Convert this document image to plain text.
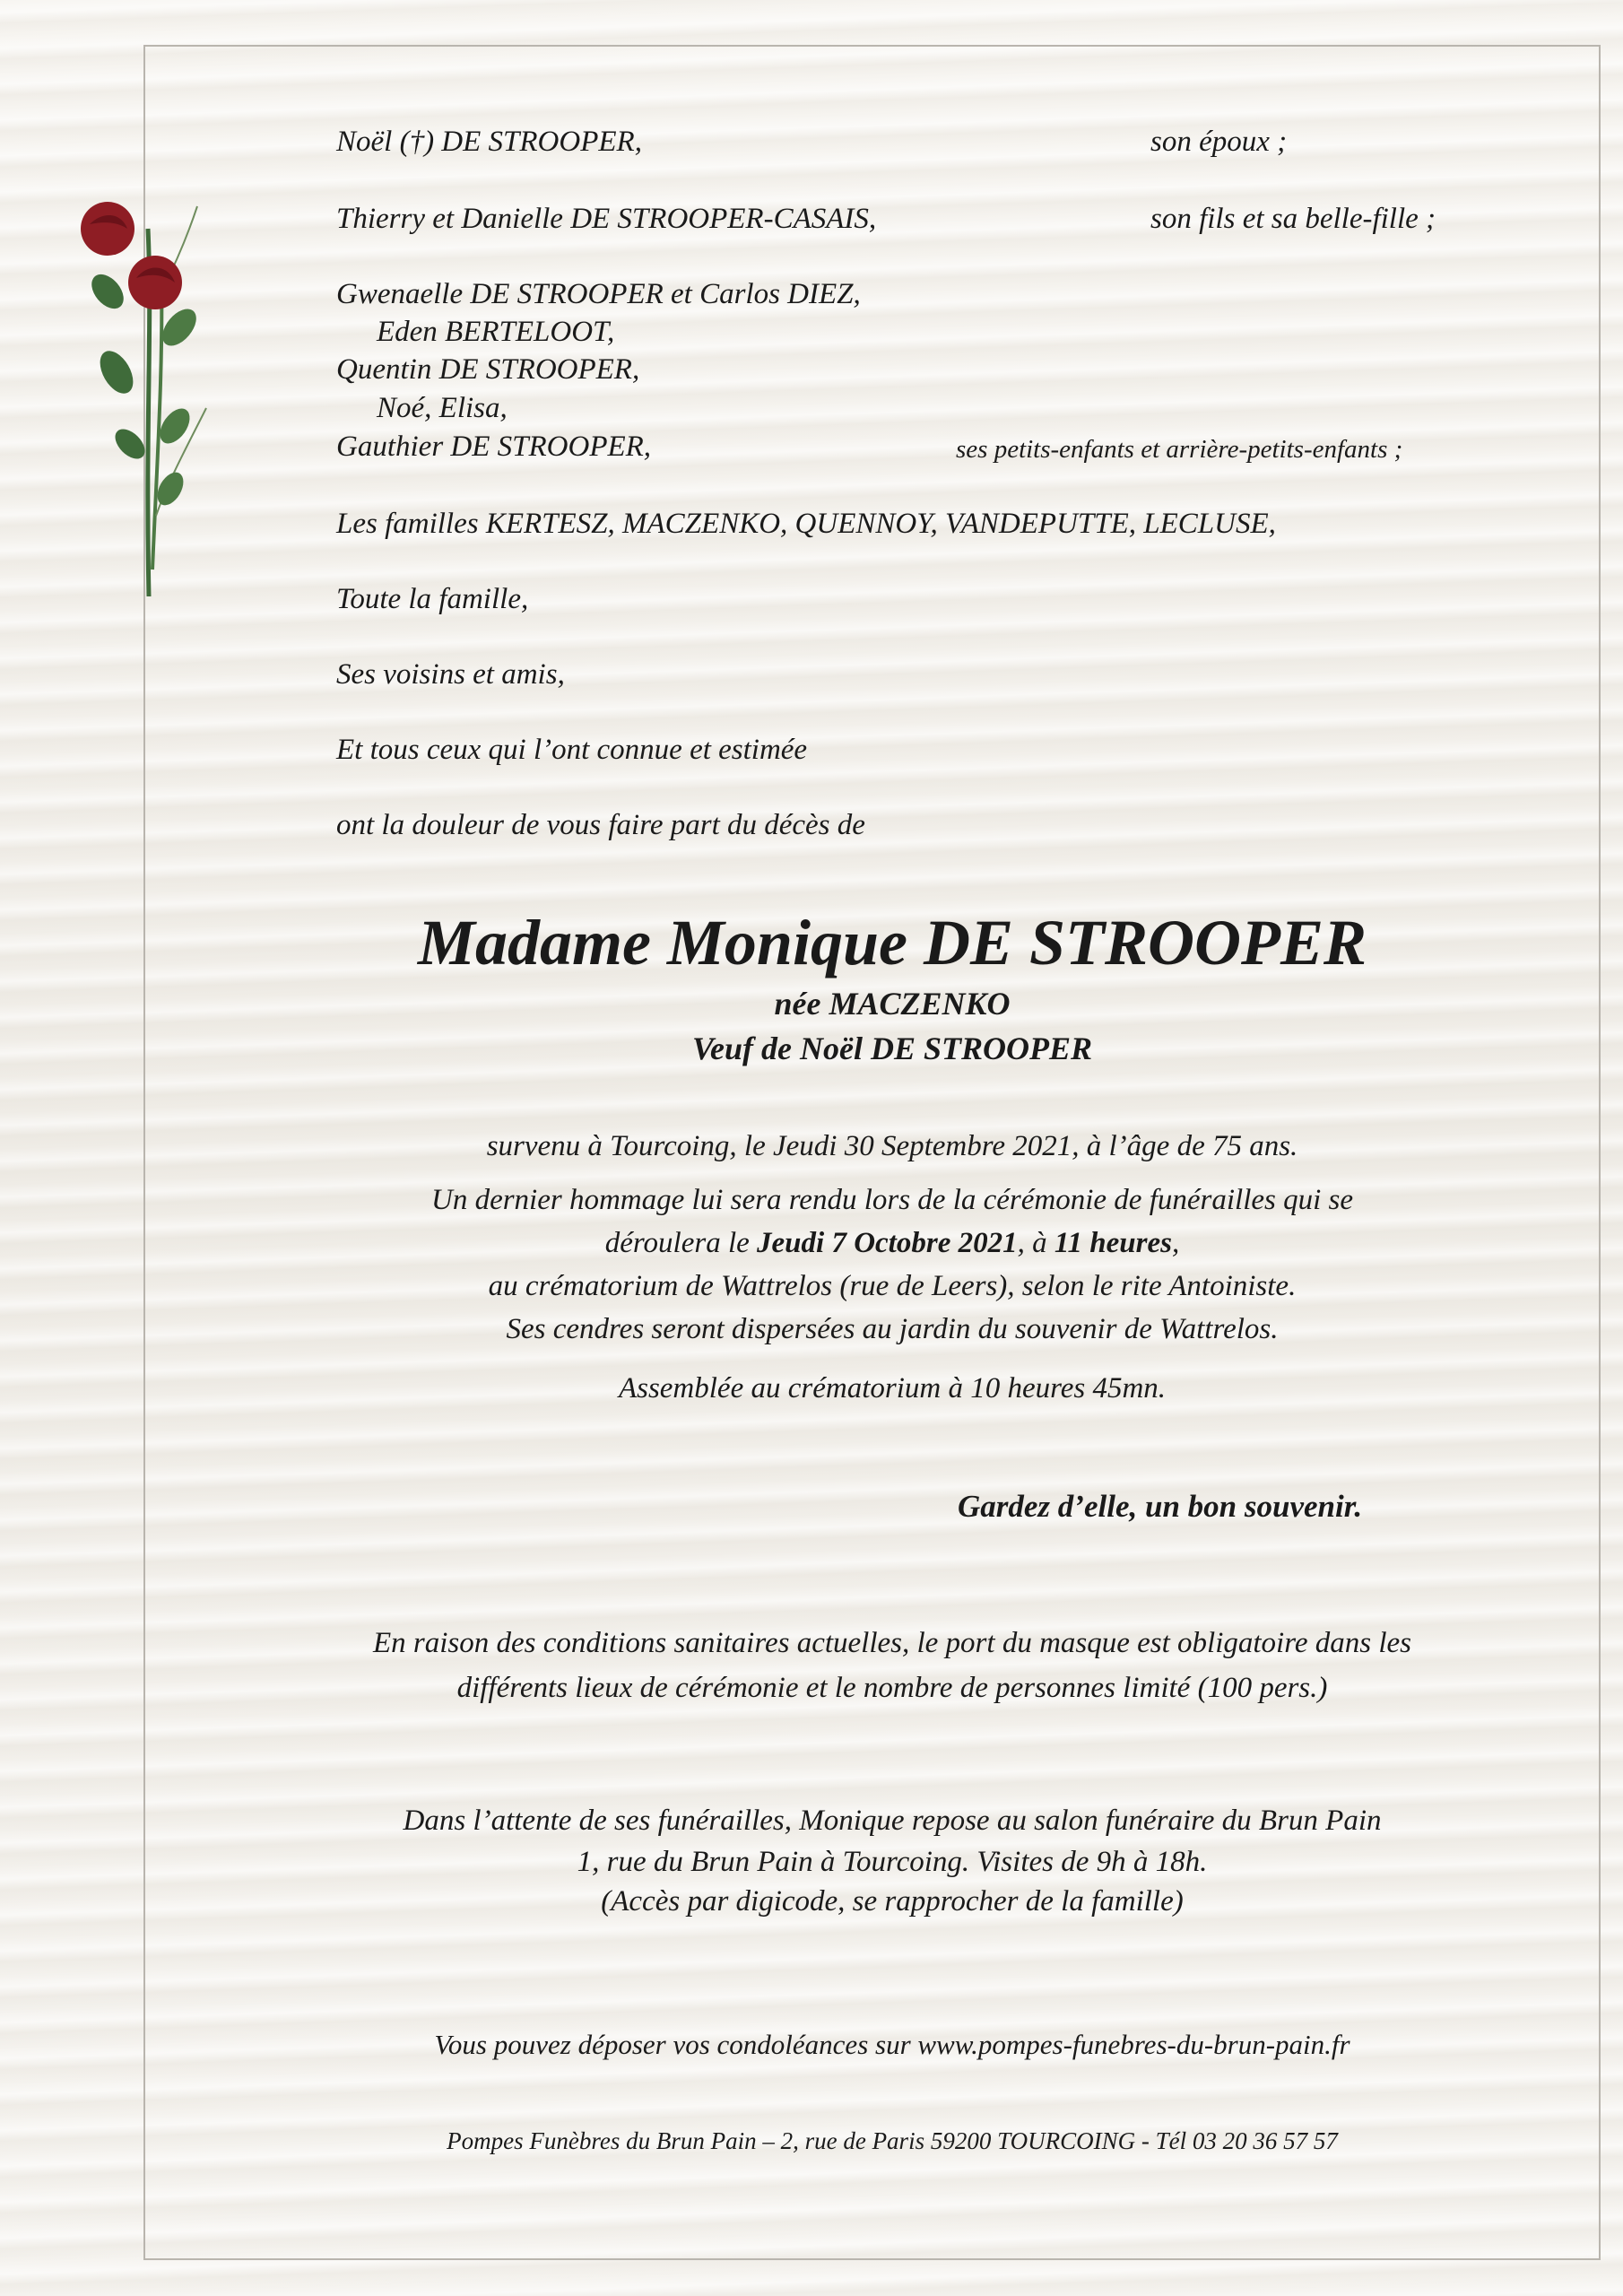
Noël (†) DE STROOPER,	son époux ;
Thierry et Danielle DE STROOPER-CASAIS,	son fils et sa belle-fille ;
Gwenaelle DE STROOPER et Carlos DIEZ,
Eden BERTELOOT,
Quentin DE STROOPER,
Noé, Elisa,
Gauthier DE STROOPER,	ses petits-enfants et arrière-petits-enfants ;
Les familles KERTESZ, MACZENKO, QUENNOY, VANDEPUTTE, LECLUSE,
Toute la famille,
Ses voisins et amis,
Et tous ceux qui l’ont connue et estimée
ont la douleur de vous faire part du décès de
Madame Monique DE STROOPER
née MACZENKO
Veuf de Noël DE STROOPER
survenu à Tourcoing, le Jeudi 30 Septembre 2021, à l’âge de 75 ans.
Un dernier hommage lui sera rendu lors de la cérémonie de funérailles qui se
déroulera le Jeudi 7 Octobre 2021, à 11 heures,
au crématorium de Wattrelos (rue de Leers), selon le rite Antoiniste.
Ses cendres seront dispersées au jardin du souvenir de Wattrelos.
Assemblée au crématorium à 10 heures 45mn.
Gardez d’elle, un bon souvenir.
En raison des conditions sanitaires actuelles, le port du masque est obligatoire dans les
différents lieux de cérémonie et le nombre de personnes limité (100 pers.)
Dans l’attente de ses funérailles, Monique repose au salon funéraire du Brun Pain
1, rue du Brun Pain à Tourcoing. Visites de 9h à 18h.
(Accès par digicode, se rapprocher de la famille)
Vous pouvez déposer vos condoléances sur www.pompes-funebres-du-brun-pain.fr
Pompes Funèbres du Brun Pain – 2, rue de Paris 59200 TOURCOING - Tél 03 20 36 57 57
